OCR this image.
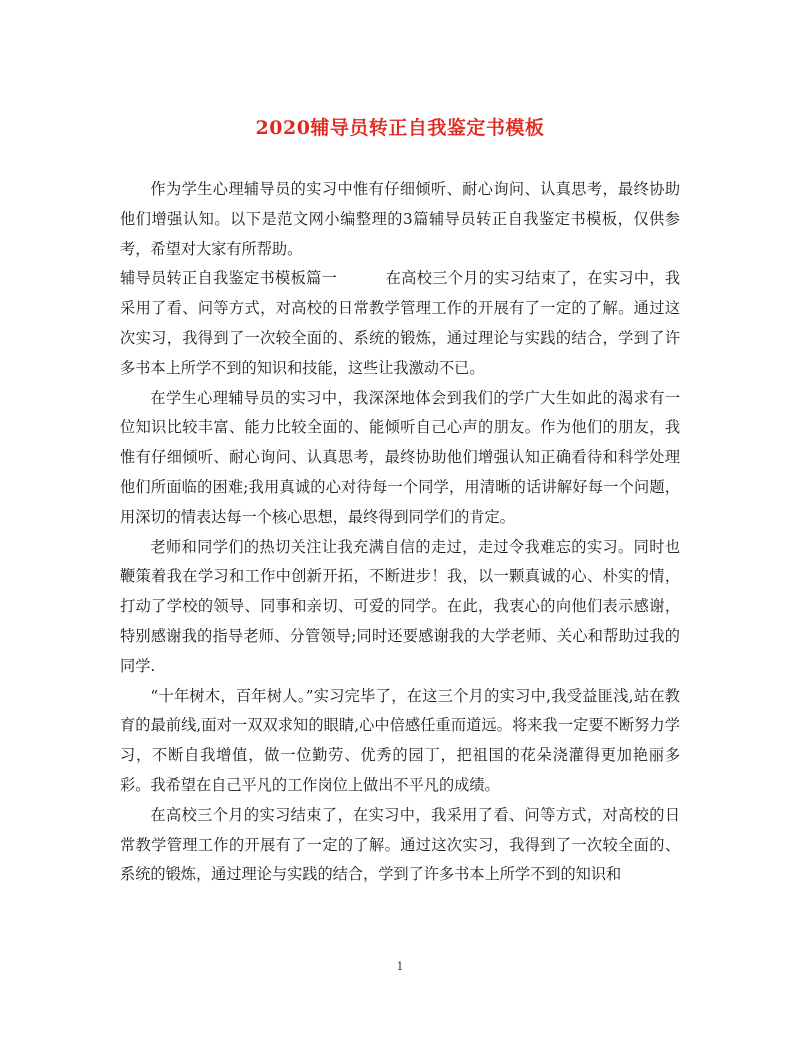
2020辅导员转正自我鉴定书模板

作为学生心理辅导员的实习中惟有仔细倾听、耐心询问、认真思考，最终协助他们增强认知。以下是范文网小编整理的3篇辅导员转正自我鉴定书模板，仅供参考，希望对大家有所帮助。

辅导员转正自我鉴定书模板篇一	在高校三个月的实习结束了，在实习中，我采用了看、问等方式，对高校的日常教学管理工作的开展有了一定的了解。通过这次实习，我得到了一次较全面的、系统的锻炼，通过理论与实践的结合，学到了许多书本上所学不到的知识和技能，这些让我激动不已。

在学生心理辅导员的实习中，我深深地体会到我们的学广大生如此的渴求有一位知识比较丰富、能力比较全面的、能倾听自己心声的朋友。作为他们的朋友，我惟有仔细倾听、耐心询问、认真思考，最终协助他们增强认知正确看待和科学处理他们所面临的困难;我用真诚的心对待每一个同学，用清晰的话讲解好每一个问题，用深切的情表达每一个核心思想，最终得到同学们的肯定。

老师和同学们的热切关注让我充满自信的走过，走过令我难忘的实习。同时也鞭策着我在学习和工作中创新开拓，不断进步！我，以一颗真诚的心、朴实的情，打动了学校的领导、同事和亲切、可爱的同学。在此，我衷心的向他们表示感谢，特别感谢我的指导老师、分管领导;同时还要感谢我的大学老师、关心和帮助过我的同学.

“十年树木，百年树人。”实习完毕了，在这三个月的实习中,我受益匪浅,站在教育的最前线,面对一双双求知的眼睛,心中倍感任重而道远。将来我一定要不断努力学习，不断自我增值，做一位勤劳、优秀的园丁，把祖国的花朵浇灌得更加艳丽多彩。我希望在自己平凡的工作岗位上做出不平凡的成绩。

在高校三个月的实习结束了，在实习中，我采用了看、问等方式，对高校的日常教学管理工作的开展有了一定的了解。通过这次实习，我得到了一次较全面的、系统的锻炼，通过理论与实践的结合，学到了许多书本上所学不到的知识和

1
